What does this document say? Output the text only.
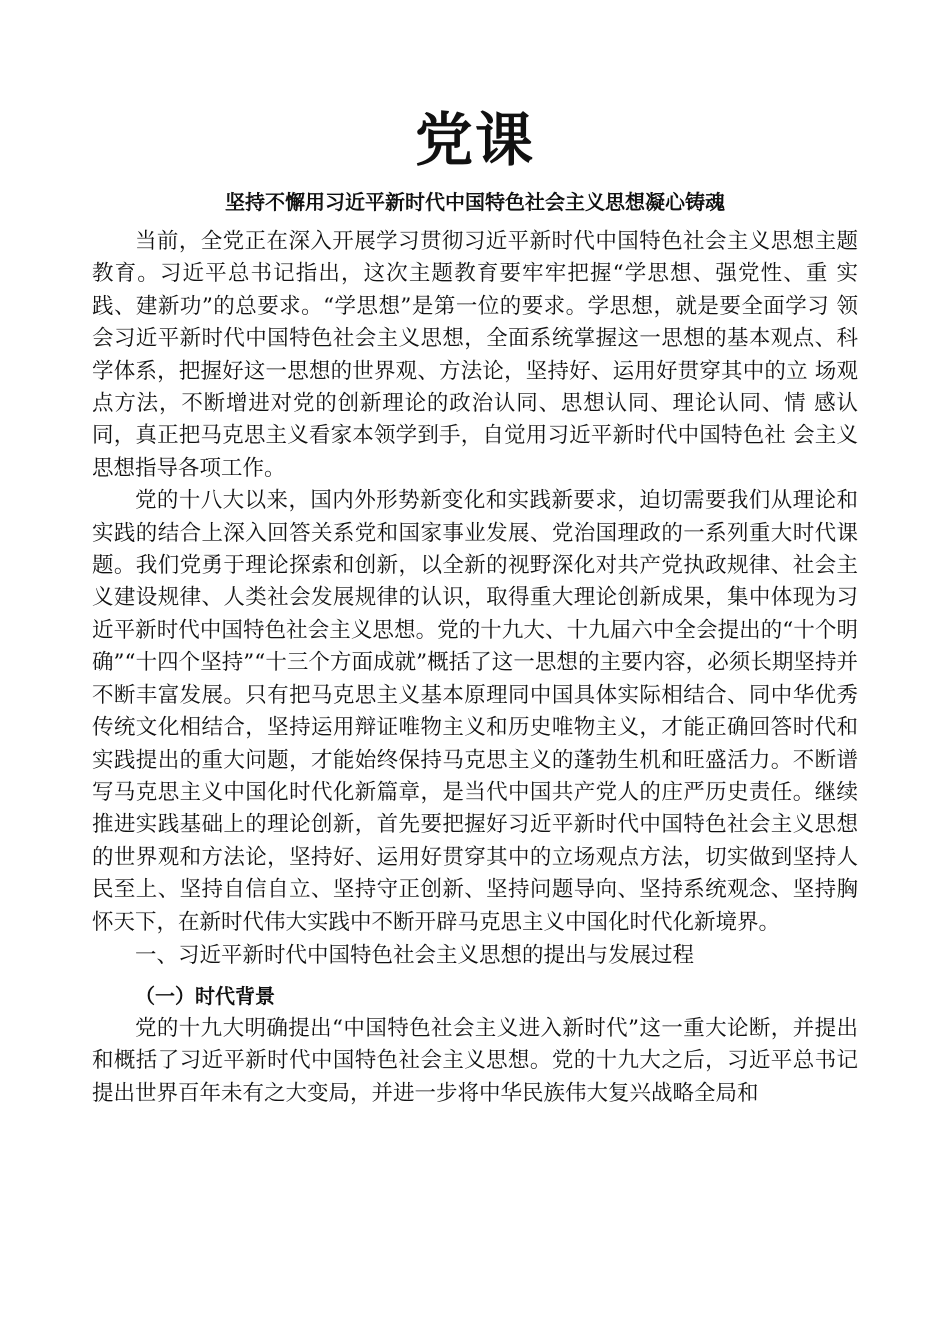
党课
坚持不懈用习近平新时代中国特色社会主义思想凝心铸魂

当前，全党正在深入开展学习贯彻习近平新时代中国特色社会主义思想主题教育。习近平总书记指出，这次主题教育要牢牢把握“学思想、强党性、重 实践、建新功”的总要求。“学思想”是第一位的要求。学思想，就是要全面学习 领会习近平新时代中国特色社会主义思想，全面系统掌握这一思想的基本观点、科学体系，把握好这一思想的世界观、方法论，坚持好、运用好贯穿其中的立 场观点方法，不断增进对党的创新理论的政治认同、思想认同、理论认同、情 感认同，真正把马克思主义看家本领学到手，自觉用习近平新时代中国特色社 会主义思想指导各项工作。

党的十八大以来，国内外形势新变化和实践新要求，迫切需要我们从理论和实践的结合上深入回答关系党和国家事业发展、党治国理政的一系列重大时代课题。我们党勇于理论探索和创新，以全新的视野深化对共产党执政规律、社会主义建设规律、人类社会发展规律的认识，取得重大理论创新成果，集中体现为习近平新时代中国特色社会主义思想。党的十九大、十九届六中全会提出的“十个明确”“十四个坚持”“十三个方面成就”概括了这一思想的主要内容，必须长期坚持并不断丰富发展。只有把马克思主义基本原理同中国具体实际相结合、同中华优秀传统文化相结合，坚持运用辩证唯物主义和历史唯物主义，才能正确回答时代和实践提出的重大问题，才能始终保持马克思主义的蓬勃生机和旺盛活力。不断谱写马克思主义中国化时代化新篇章，是当代中国共产党人的庄严历史责任。继续推进实践基础上的理论创新，首先要把握好习近平新时代中国特色社会主义思想的世界观和方法论，坚持好、运用好贯穿其中的立场观点方法，切实做到坚持人民至上、坚持自信自立、坚持守正创新、坚持问题导向、坚持系统观念、坚持胸怀天下，在新时代伟大实践中不断开辟马克思主义中国化时代化新境界。

一、习近平新时代中国特色社会主义思想的提出与发展过程

（一）时代背景

党的十九大明确提出“中国特色社会主义进入新时代”这一重大论断，并提出和概括了习近平新时代中国特色社会主义思想。党的十九大之后，习近平总书记提出世界百年未有之大变局，并进一步将中华民族伟大复兴战略全局和
